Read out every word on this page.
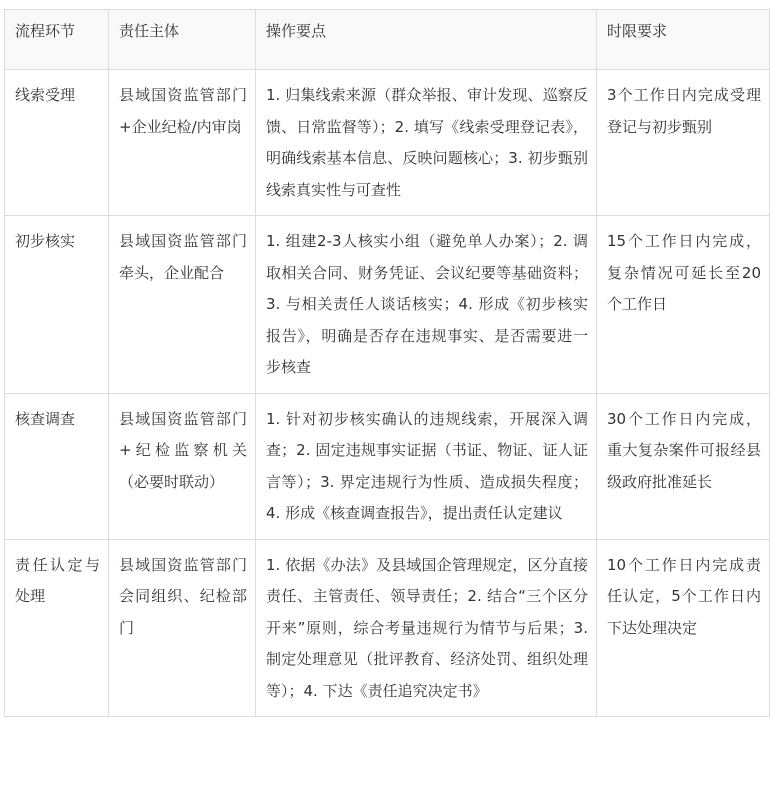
流程环节	责任主体	操作要点	时限要求
线索受理	县域国资监管部门+企业纪检/内审岗	1. 归集线索来源（群众举报、审计发现、巡察反馈、日常监督等）；2. 填写《线索受理登记表》，明确线索基本信息、反映问题核心；3. 初步甄别线索真实性与可查性	3个工作日内完成受理登记与初步甄别
初步核实	县域国资监管部门牵头，企业配合	1. 组建2-3人核实小组（避免单人办案）；2. 调取相关合同、财务凭证、会议纪要等基础资料；3. 与相关责任人谈话核实；4. 形成《初步核实报告》，明确是否存在违规事实、是否需要进一步核查	15个工作日内完成，复杂情况可延长至20个工作日
核查调查	县域国资监管部门+纪检监察机关（必要时联动）	1. 针对初步核实确认的违规线索，开展深入调查；2. 固定违规事实证据（书证、物证、证人证言等）；3. 界定违规行为性质、造成损失程度；4. 形成《核查调查报告》，提出责任认定建议	30个工作日内完成，重大复杂案件可报经县级政府批准延长
责任认定与处理	县域国资监管部门会同组织、纪检部门	1. 依据《办法》及县域国企管理规定，区分直接责任、主管责任、领导责任；2. 结合“三个区分开来”原则，综合考量违规行为情节与后果；3. 制定处理意见（批评教育、经济处罚、组织处理等）；4. 下达《责任追究决定书》	10个工作日内完成责任认定，5个工作日内下达处理决定
